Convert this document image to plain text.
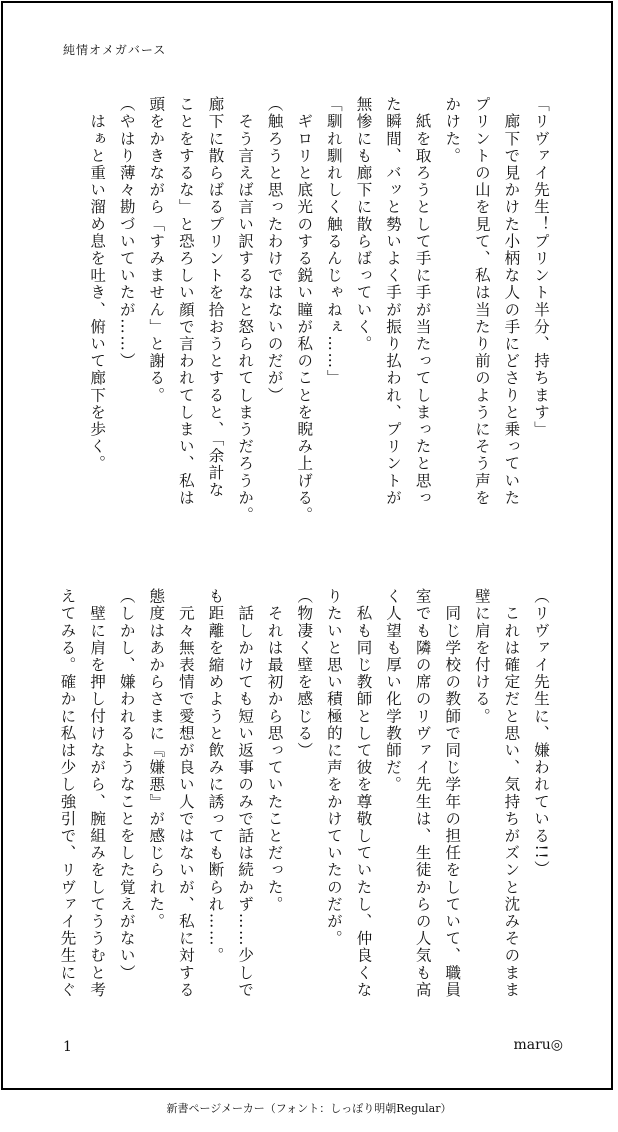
純情オメガバース

「リヴァイ先生！プリント半分、持ちます」

　廊下で見かけた小柄な人の手にどさりと乗っていた

プリントの山を見て、私は当たり前のようにそう声を

かけた。

　紙を取ろうとして手に手が当たってしまったと思っ

た瞬間、バッと勢いよく手が振り払われ、プリントが

無惨にも廊下に散らばっていく。

「馴れ馴れしく触るんじゃねぇ……」

　ギロリと底光のする鋭い瞳が私のことを睨み上げる。

（触ろうと思ったわけではないのだが）

　そう言えば言い訳するなと怒られてしまうだろうか。

廊下に散らばるプリントを拾おうとすると、「余計な

ことをするな」と恐ろしい顔で言われてしまい、私は

頭をかきながら「すみません」と謝る。

（やはり薄々勘づいていたが……）

　はぁと重い溜め息を吐き、俯いて廊下を歩く。

（リヴァイ先生に、嫌われている!!）

　これは確定だと思い、気持ちがズンと沈みそのまま

壁に肩を付ける。

　同じ学校の教師で同じ学年の担任をしていて、職員

室でも隣の席のリヴァイ先生は、生徒からの人気も高

く人望も厚い化学教師だ。

　私も同じ教師として彼を尊敬していたし、仲良くな

りたいと思い積極的に声をかけていたのだが。

（物凄く壁を感じる）

　それは最初から思っていたことだった。

　話しかけても短い返事のみで話は続かず……少しで

も距離を縮めようと飲みに誘っても断られ……。

　元々無表情で愛想が良い人ではないが、私に対する

態度はあからさまに『嫌悪』が感じられた。

（しかし、嫌われるようなことをした覚えがない）

　壁に肩を押し付けながら、腕組みをしてううむと考

えてみる。確かに私は少し強引で、リヴァイ先生にぐ

1	maru◎
新書ページメーカー（フォント：しっぽり明朝Regular）
